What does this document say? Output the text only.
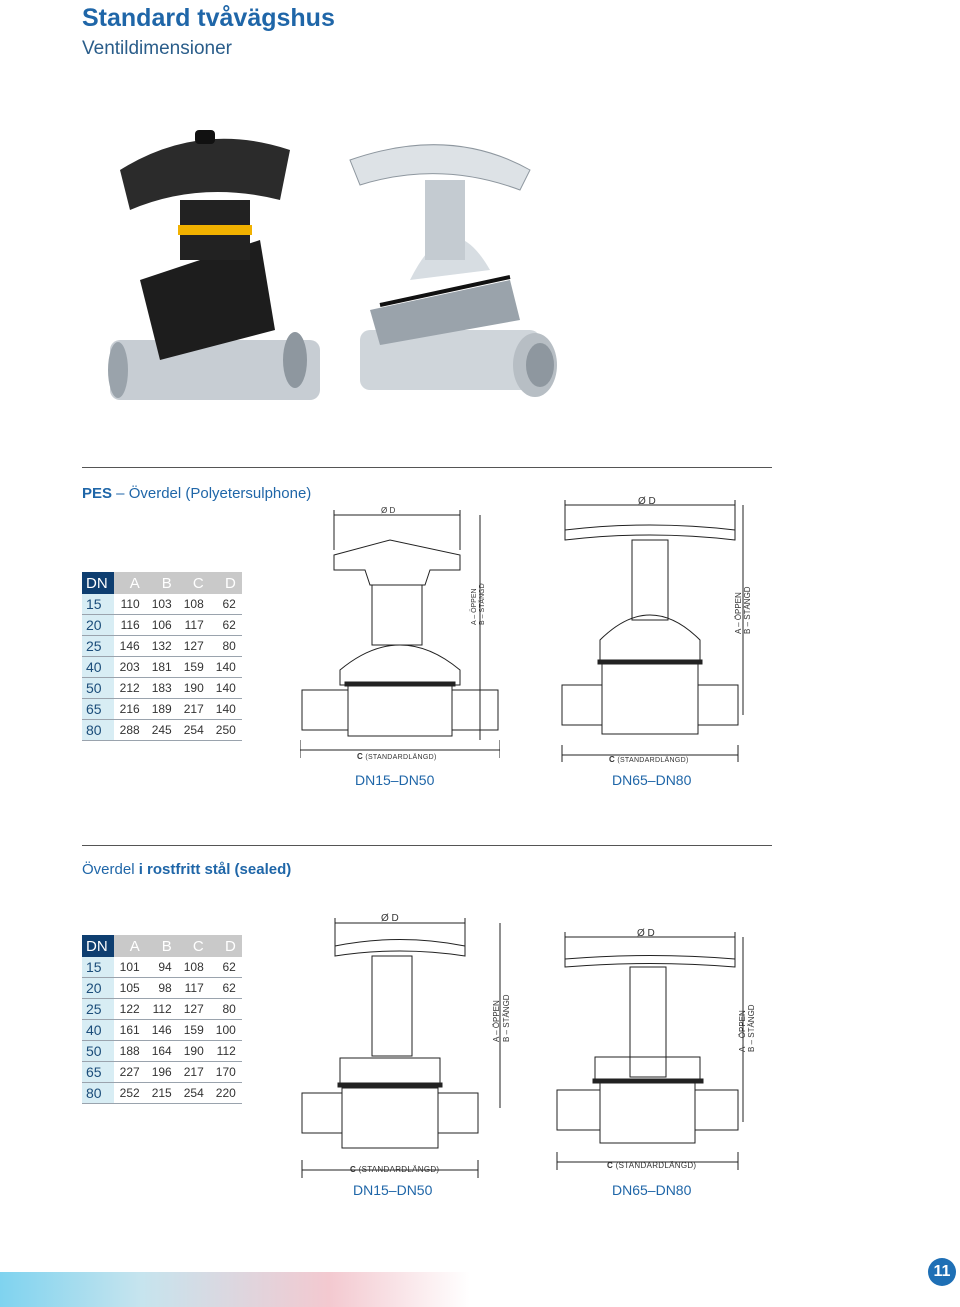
Standard tvåvägshus
Ventildimensioner
PES – Överdel (Polyetersulphone)
DN	A	B	C	D
15	110	103	108	62
20	116	106	117	62
25	146	132	127	80
40	203	181	159	140
50	212	183	190	140
65	216	189	217	140
80	288	245	254	250
Ø D
A – ÖPPEN B – STÄNGD
C (STANDARDLÄNGD)
DN15–DN50
Ø D
A – ÖPPEN B – STÄNGD
C (STANDARDLÄNGD)
DN65–DN80
Överdel i rostfritt stål (sealed)
DN	A	B	C	D
15	101	94	108	62
20	105	98	117	62
25	122	112	127	80
40	161	146	159	100
50	188	164	190	112
65	227	196	217	170
80	252	215	254	220
Ø D
A – ÖPPEN B – STÄNGD
C (STANDARDLÄNGD)
DN15–DN50
Ø D
A – ÖPPEN B – STÄNGD
C (STANDARDLÄNGD)
DN65–DN80
11
